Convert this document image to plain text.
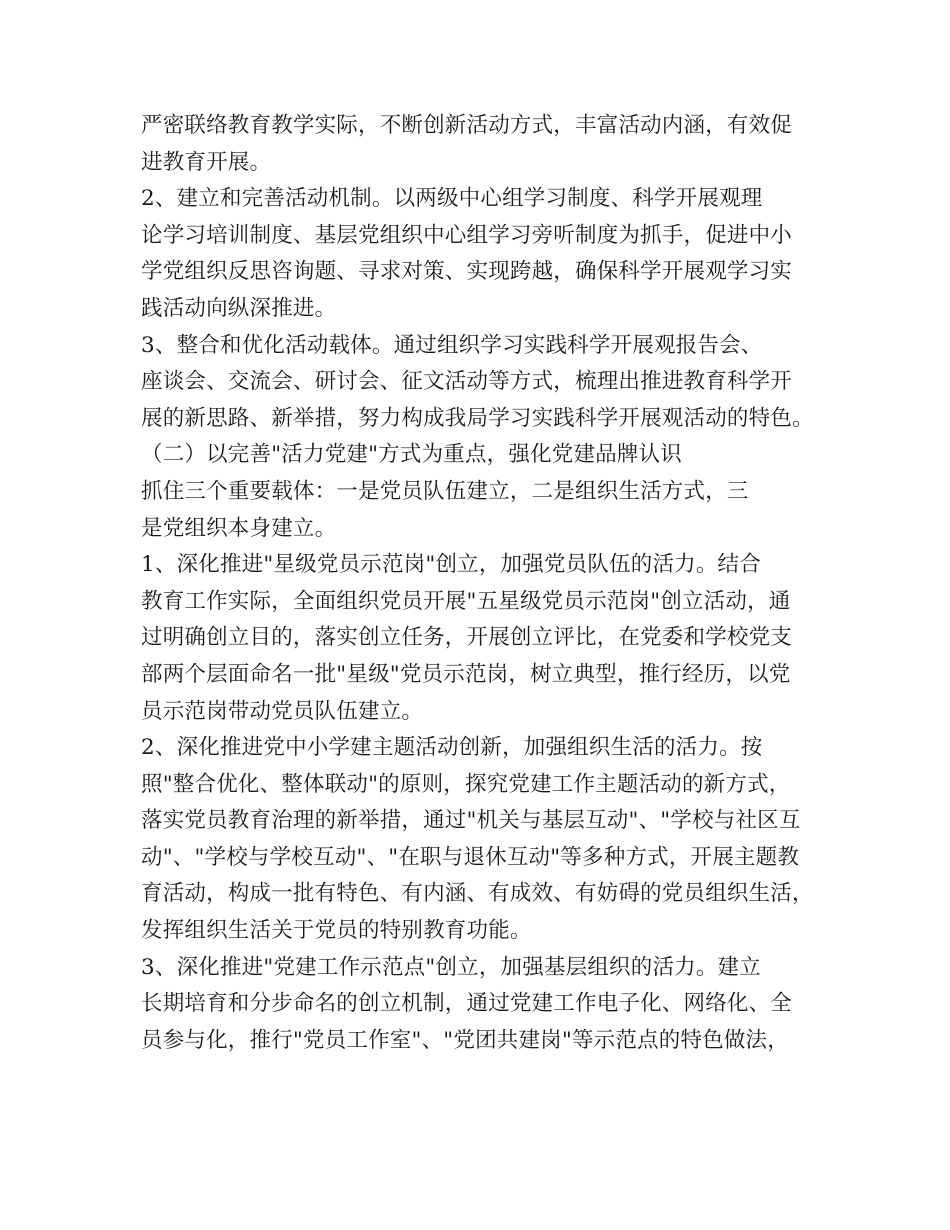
严密联络教育教学实际，不断创新活动方式，丰富活动内涵，有效促
进教育开展。
2、建立和完善活动机制。以两级中心组学习制度、科学开展观理
论学习培训制度、基层党组织中心组学习旁听制度为抓手，促进中小
学党组织反思咨询题、寻求对策、实现跨越，确保科学开展观学习实
践活动向纵深推进。
3、整合和优化活动载体。通过组织学习实践科学开展观报告会、
座谈会、交流会、研讨会、征文活动等方式，梳理出推进教育科学开
展的新思路、新举措，努力构成我局学习实践科学开展观活动的特色。
（二）以完善"活力党建"方式为重点，强化党建品牌认识
抓住三个重要载体：一是党员队伍建立，二是组织生活方式，三
是党组织本身建立。
1、深化推进"星级党员示范岗"创立，加强党员队伍的活力。结合
教育工作实际，全面组织党员开展"五星级党员示范岗"创立活动，通
过明确创立目的，落实创立任务，开展创立评比，在党委和学校党支
部两个层面命名一批"星级"党员示范岗，树立典型，推行经历，以党
员示范岗带动党员队伍建立。
2、深化推进党中小学建主题活动创新，加强组织生活的活力。按
照"整合优化、整体联动"的原则，探究党建工作主题活动的新方式，
落实党员教育治理的新举措，通过"机关与基层互动"、"学校与社区互
动"、"学校与学校互动"、"在职与退休互动"等多种方式，开展主题教
育活动，构成一批有特色、有内涵、有成效、有妨碍的党员组织生活，
发挥组织生活关于党员的特别教育功能。
3、深化推进"党建工作示范点"创立，加强基层组织的活力。建立
长期培育和分步命名的创立机制，通过党建工作电子化、网络化、全
员参与化，推行"党员工作室"、"党团共建岗"等示范点的特色做法，
